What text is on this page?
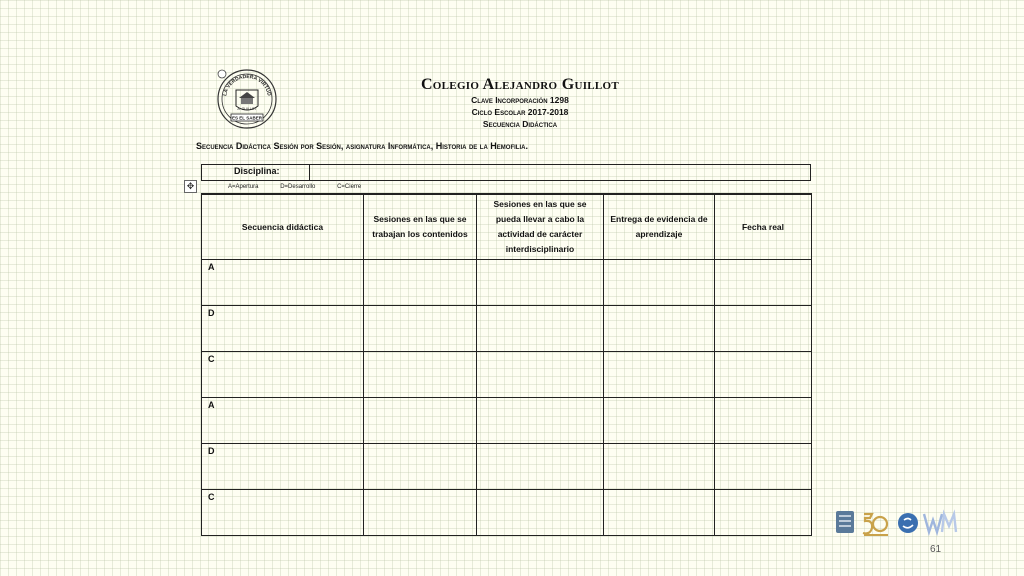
LA VERDADERA VIRTUD
A. GUILLOT
ES EL SABER
Colegio Alejandro Guillot
Clave Incorporación 1298
Ciclo Escolar 2017-2018
Secuencia Didáctica
Secuencia Didáctica Sesión por Sesión, asignatura Informática, Historia de la Hemofilia.
Disciplina:
✥	A=Apertura	D=Desarrollo	C=Cierre
Secuencia didáctica	Sesiones en las que se trabajan los contenidos	Sesiones en las que se pueda llevar a cabo la actividad de carácter interdisciplinario	Entrega de evidencia de aprendizaje	Fecha real
A				
D				
C				
A				
D				
C				
61
